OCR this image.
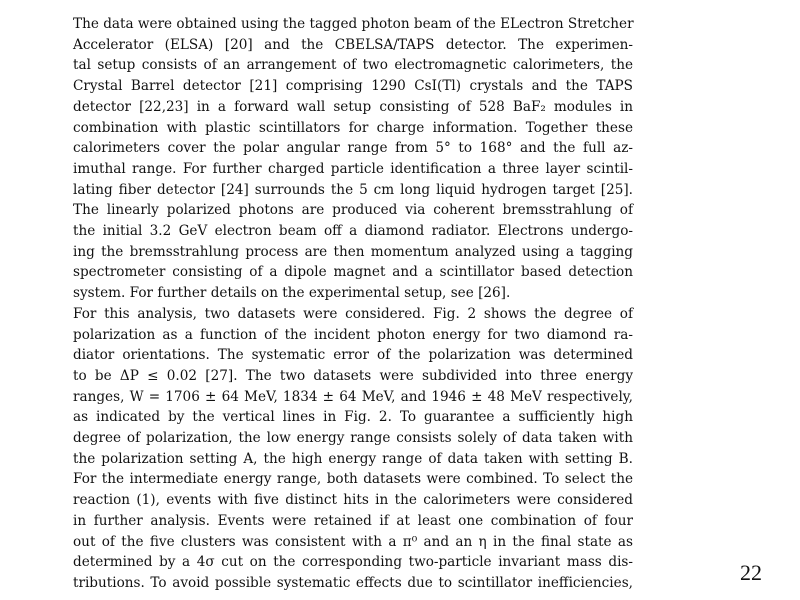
The data were obtained using the tagged photon beam of the ELectron Stretcher
Accelerator (ELSA) [20] and the CBELSA/TAPS detector. The experimen-
tal setup consists of an arrangement of two electromagnetic calorimeters, the
Crystal Barrel detector [21] comprising 1290 CsI(Tl) crystals and the TAPS
detector [22,23] in a forward wall setup consisting of 528 BaF₂ modules in
combination with plastic scintillators for charge information. Together these
calorimeters cover the polar angular range from 5° to 168° and the full az-
imuthal range. For further charged particle identification a three layer scintil-
lating fiber detector [24] surrounds the 5 cm long liquid hydrogen target [25].
The linearly polarized photons are produced via coherent bremsstrahlung of
the initial 3.2 GeV electron beam off a diamond radiator. Electrons undergo-
ing the bremsstrahlung process are then momentum analyzed using a tagging
spectrometer consisting of a dipole magnet and a scintillator based detection
system. For further details on the experimental setup, see [26].
For this analysis, two datasets were considered. Fig. 2 shows the degree of
polarization as a function of the incident photon energy for two diamond ra-
diator orientations. The systematic error of the polarization was determined
to be ΔP ≤ 0.02 [27]. The two datasets were subdivided into three energy
ranges, W = 1706 ± 64 MeV, 1834 ± 64 MeV, and 1946 ± 48 MeV respectively,
as indicated by the vertical lines in Fig. 2. To guarantee a sufficiently high
degree of polarization, the low energy range consists solely of data taken with
the polarization setting A, the high energy range of data taken with setting B.
For the intermediate energy range, both datasets were combined. To select the
reaction (1), events with five distinct hits in the calorimeters were considered
in further analysis. Events were retained if at least one combination of four
out of the five clusters was consistent with a π⁰ and an η in the final state as
determined by a 4σ cut on the corresponding two-particle invariant mass dis-
tributions. To avoid possible systematic effects due to scintillator inefficiencies,	22
